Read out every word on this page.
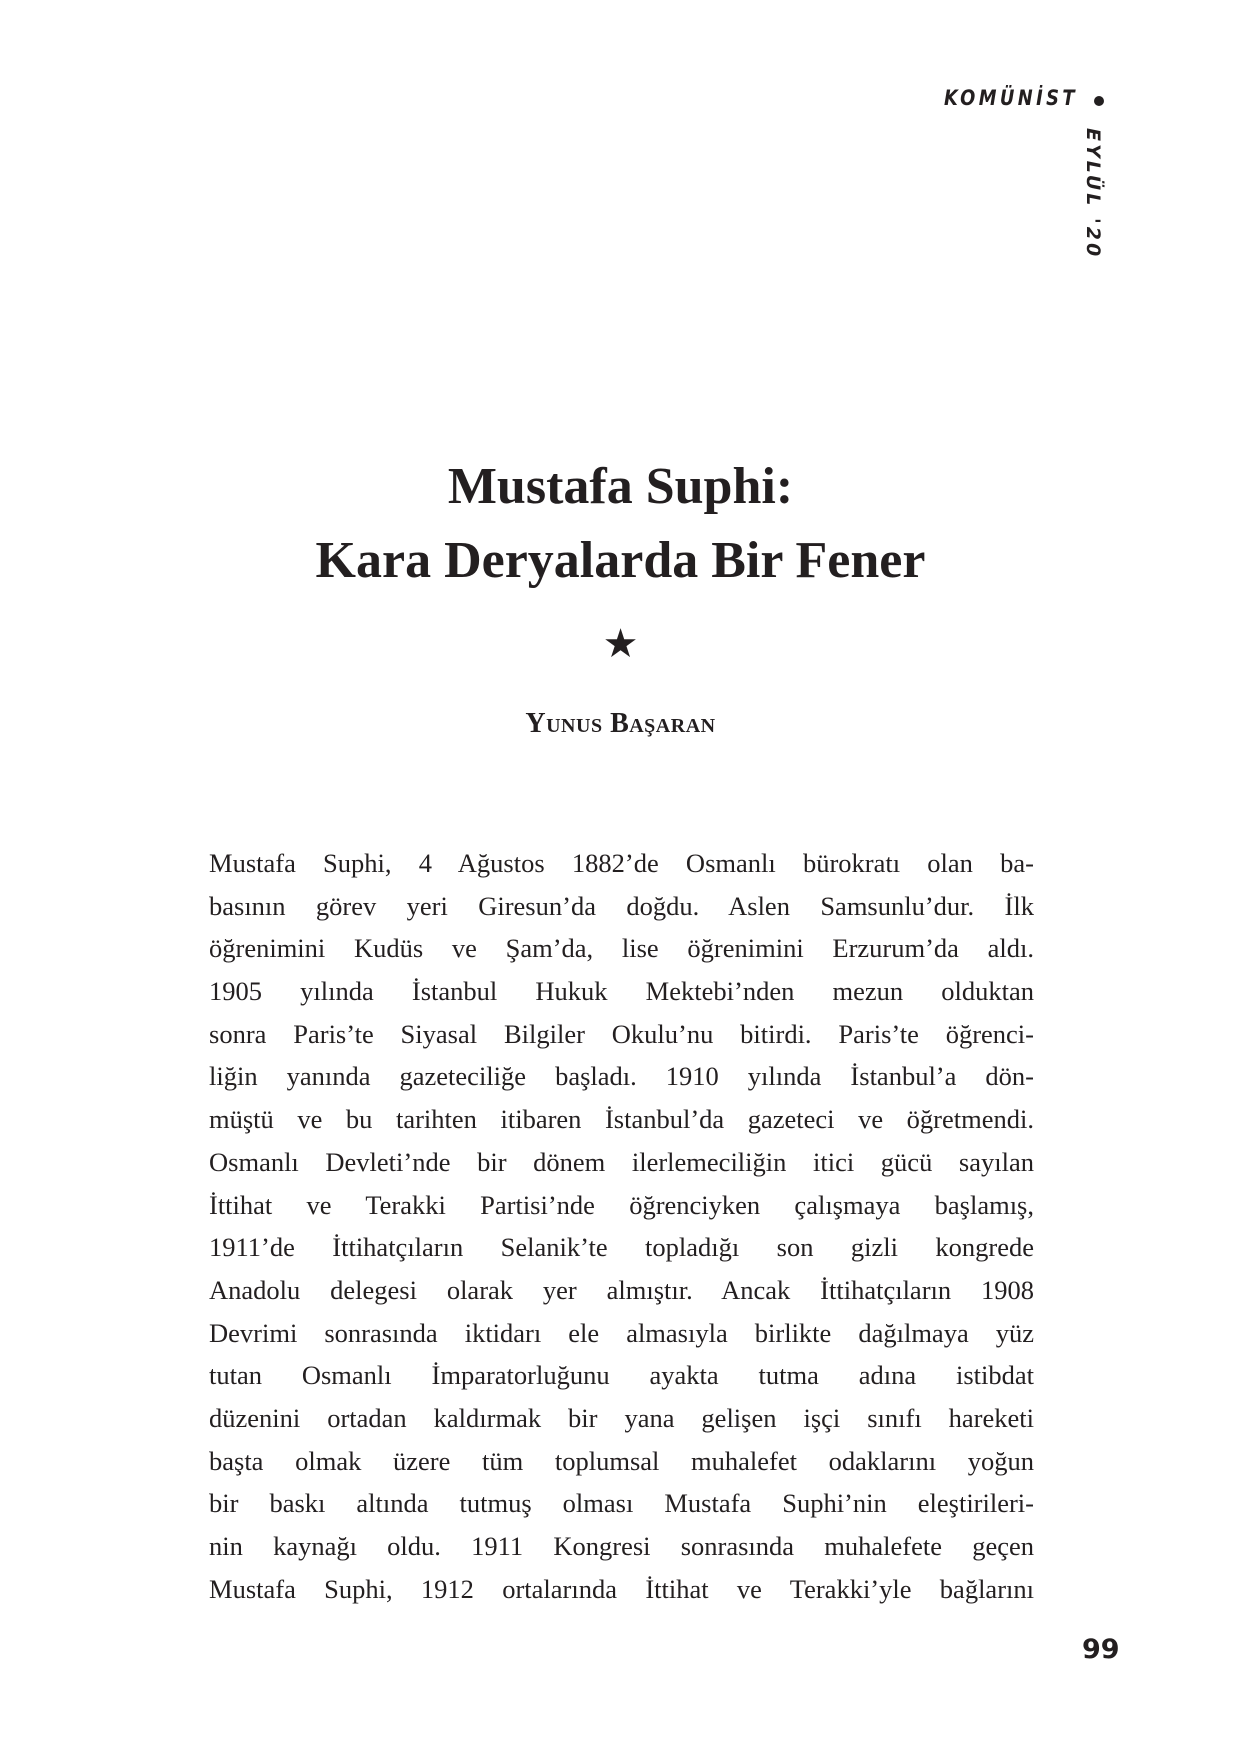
KOMÜNİST
EYLÜL '20
Mustafa Suphi:
Kara Deryalarda Bir Fener
★
Yunus Başaran
Mustafa Suphi, 4 Ağustos 1882’de Osmanlı bürokratı olan ba-
basının görev yeri Giresun’da doğdu. Aslen Samsunlu’dur. İlk
öğrenimini Kudüs ve Şam’da, lise öğrenimini Erzurum’da aldı.
1905 yılında İstanbul Hukuk Mektebi’nden mezun olduktan
sonra Paris’te Siyasal Bilgiler Okulu’nu bitirdi. Paris’te öğrenci-
liğin yanında gazeteciliğe başladı. 1910 yılında İstanbul’a dön-
müştü ve bu tarihten itibaren İstanbul’da gazeteci ve öğretmendi.
Osmanlı Devleti’nde bir dönem ilerlemeciliğin itici gücü sayılan
İttihat ve Terakki Partisi’nde öğrenciyken çalışmaya başlamış,
1911’de İttihatçıların Selanik’te topladığı son gizli kongrede
Anadolu delegesi olarak yer almıştır. Ancak İttihatçıların 1908
Devrimi sonrasında iktidarı ele almasıyla birlikte dağılmaya yüz
tutan Osmanlı İmparatorluğunu ayakta tutma adına istibdat
düzenini ortadan kaldırmak bir yana gelişen işçi sınıfı hareketi
başta olmak üzere tüm toplumsal muhalefet odaklarını yoğun
bir baskı altında tutmuş olması Mustafa Suphi’nin eleştirileri-
nin kaynağı oldu. 1911 Kongresi sonrasında muhalefete geçen
Mustafa Suphi, 1912 ortalarında İttihat ve Terakki’yle bağlarını
99
